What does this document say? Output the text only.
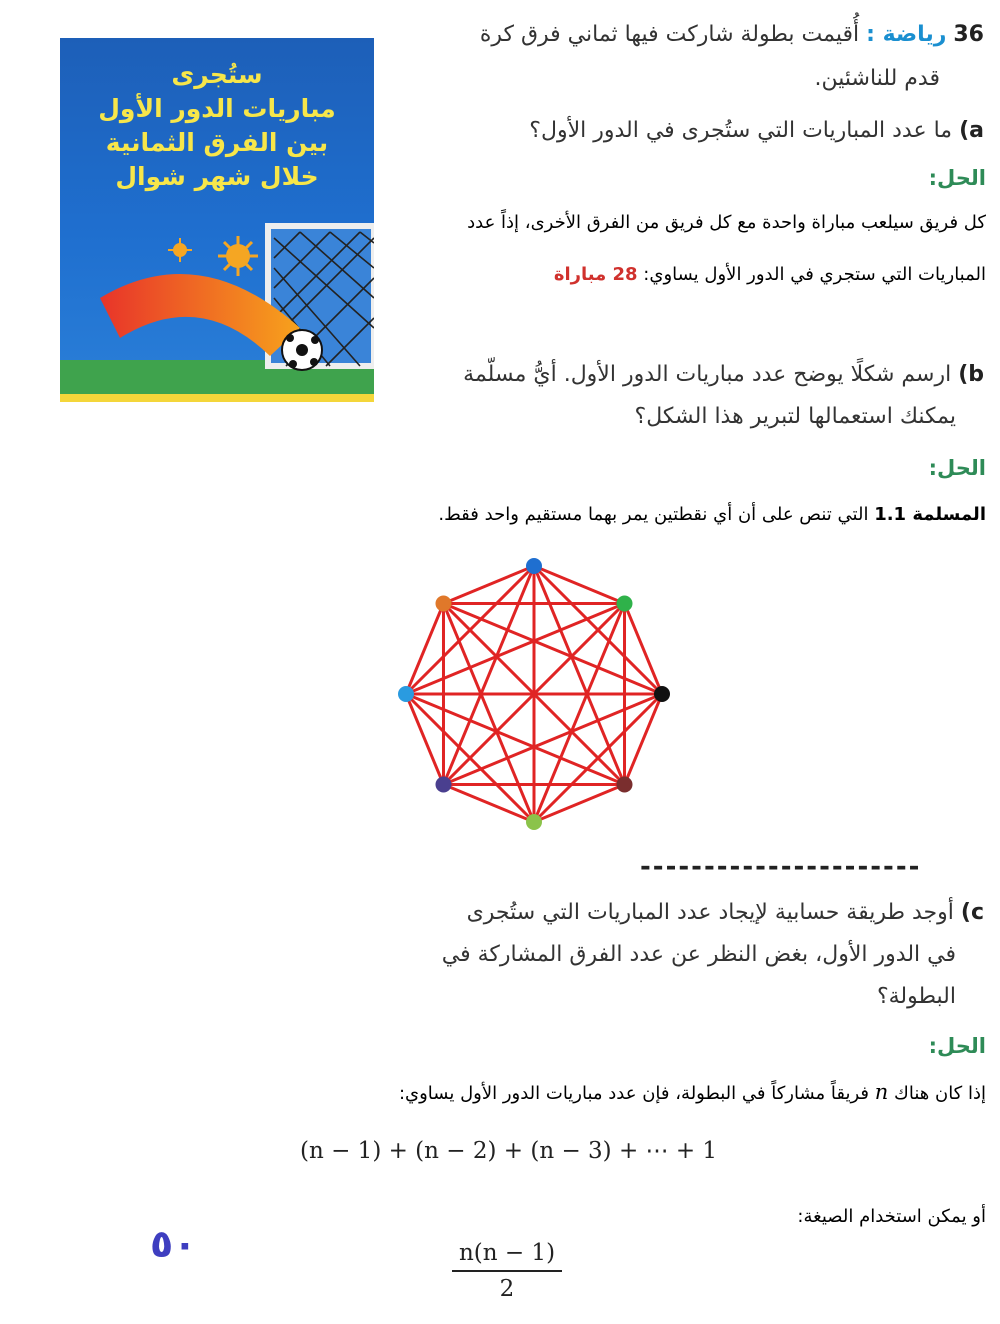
ستُجرى
مباريات الدور الأول
بين الفرق الثمانية
خلال شهر شوال
36 رياضة : أُقيمت بطولة شاركت فيها ثماني فرق كرة
قدم للناشئين.
a) ما عدد المباريات التي ستُجرى في الدور الأول؟
الحل:
كل فريق سيلعب مباراة واحدة مع كل فريق من الفرق الأخرى، إذاً عدد
المباريات التي ستجري في الدور الأول يساوي: 28 مباراة
b) ارسم شكلًا يوضح عدد مباريات الدور الأول. أيُّ مسلّمة
يمكنك استعمالها لتبرير هذا الشكل؟
الحل:
المسلمة 1.1 التي تنص على أن أي نقطتين يمر بهما مستقيم واحد فقط.
----------------------
c) أوجد طريقة حسابية لإيجاد عدد المباريات التي ستُجرى
في الدور الأول، بغض النظر عن عدد الفرق المشاركة في
البطولة؟
الحل:
إذا كان هناك n فريقاً مشاركاً في البطولة، فإن عدد مباريات الدور الأول يساوي:
(n − 1) + (n − 2) + (n − 3) + ⋯ + 1
أو يمكن استخدام الصيغة:
n(n − 1)
2
٥٠
